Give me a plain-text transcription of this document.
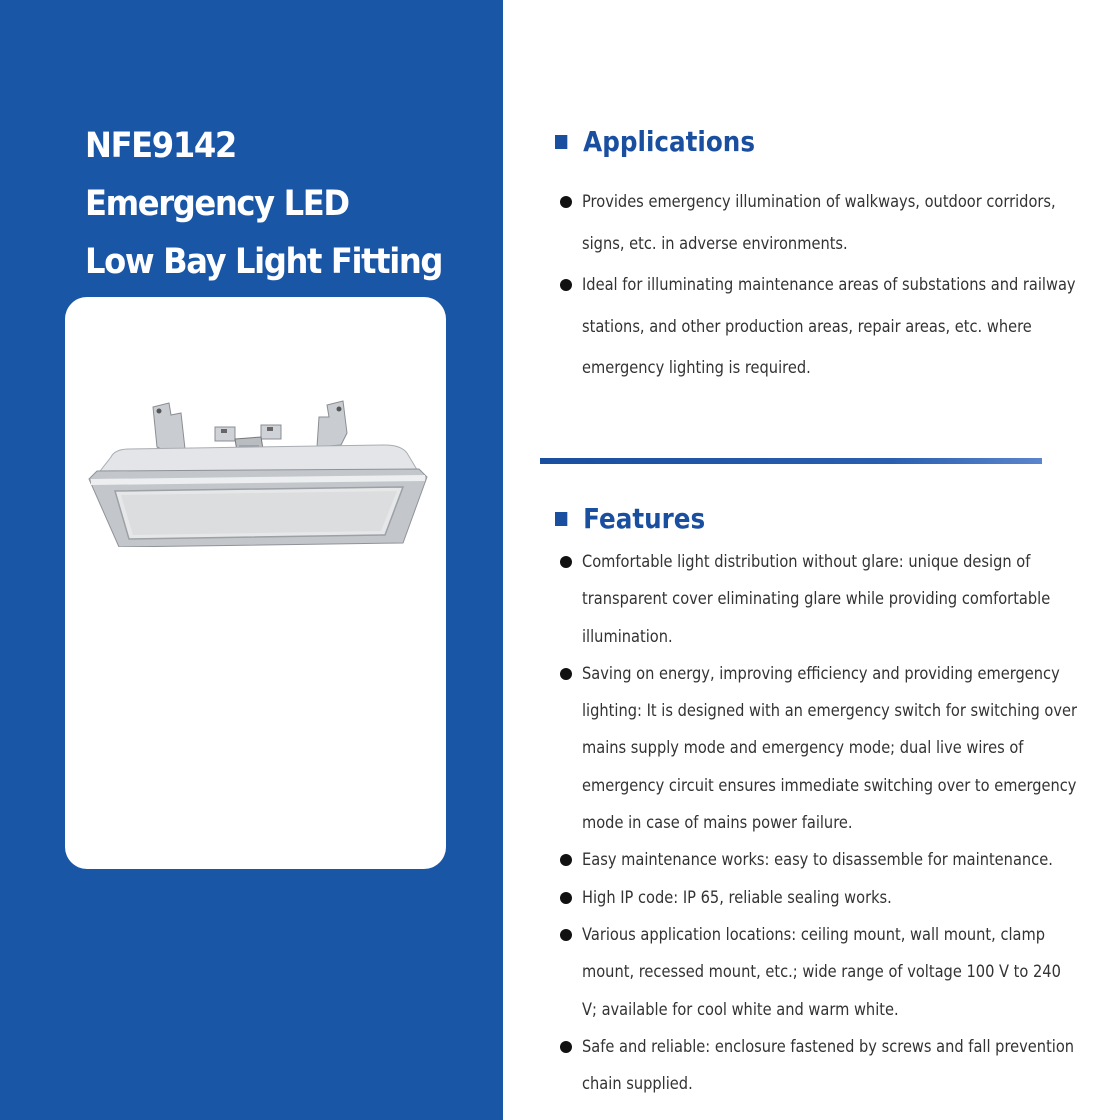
NFE9142
Emergency LED
Low Bay Light Fitting
Applications
Provides emergency illumination of walkways, outdoor corridors, signs, etc. in adverse environments.
Ideal for illuminating maintenance areas of substations and railway stations, and other production areas, repair areas, etc. where emergency lighting is required.
Features
Comfortable light distribution without glare: unique design of transparent cover eliminating glare while providing comfortable illumination.
Saving on energy, improving efficiency and providing emergency lighting: It is designed with an emergency switch for switching over mains supply mode and emergency mode; dual live wires of emergency circuit ensures immediate switching over to emergency mode in case of mains power failure.
Easy maintenance works: easy to disassemble for maintenance.
High IP code: IP 65, reliable sealing works.
Various application locations: ceiling mount, wall mount, clamp mount, recessed mount, etc.; wide range of voltage 100 V to 240 V; available for cool white and warm white.
Safe and reliable: enclosure fastened by screws and fall prevention chain supplied.
